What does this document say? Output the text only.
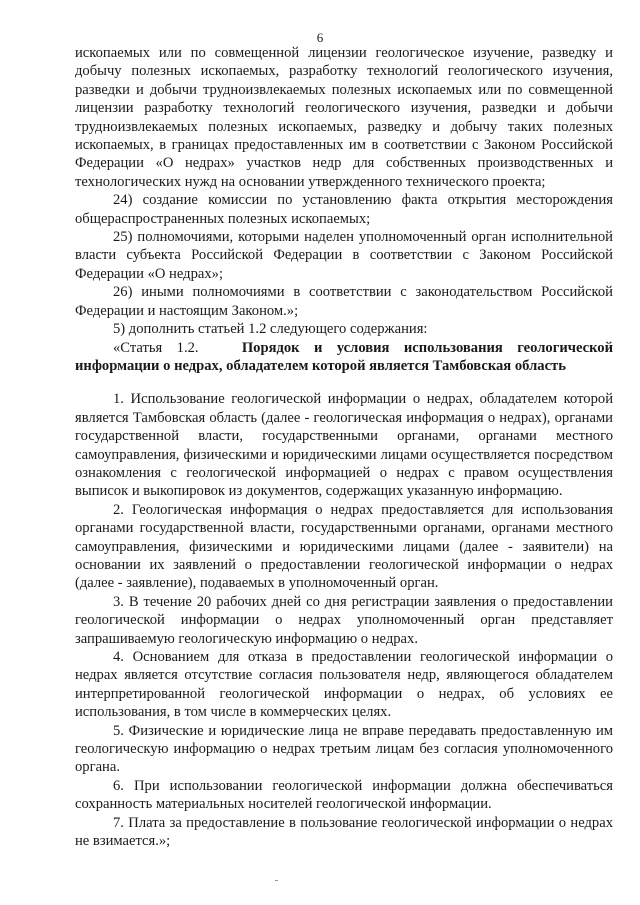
6

ископаемых или по совмещенной лицензии геологическое изучение, разведку и добычу полезных ископаемых, разработку технологий геологического изучения, разведки и добычи трудноизвлекаемых полезных ископаемых или по совмещенной лицензии разработку технологий геологического изучения, разведки и добычи трудноизвлекаемых полезных ископаемых, разведку и добычу таких полезных ископаемых, в границах предоставленных им в соответствии с Законом Российской Федерации «О недрах» участков недр для собственных производственных и технологических нужд на основании утвержденного технического проекта;

24) создание комиссии по установлению факта открытия месторождения общераспространенных полезных ископаемых;

25) полномочиями, которыми наделен уполномоченный орган исполнительной власти субъекта Российской Федерации в соответствии с Законом Российской Федерации «О недрах»;

26) иными полномочиями в соответствии с законодательством Российской Федерации и настоящим Законом.»;

5) дополнить статьей 1.2 следующего содержания:

«Статья 1.2.	Порядок и условия использования геологической информации о недрах, обладателем которой является Тамбовская область

1. Использование геологической информации о недрах, обладателем которой является Тамбовская область (далее - геологическая информация о недрах), органами государственной власти, государственными органами, органами местного самоуправления, физическими и юридическими лицами осуществляется посредством ознакомления с геологической информацией о недрах с правом осуществления выписок и выкопировок из документов, содержащих указанную информацию.

2. Геологическая информация о недрах предоставляется для использования органами государственной власти, государственными органами, органами местного самоуправления, физическими и юридическими лицами (далее - заявители) на основании их заявлений о предоставлении геологической информации о недрах (далее - заявление), подаваемых в уполномоченный орган.

3. В течение 20 рабочих дней со дня регистрации заявления о предоставлении геологической информации о недрах уполномоченный орган представляет запрашиваемую геологическую информацию о недрах.

4. Основанием для отказа в предоставлении геологической информации о недрах является отсутствие согласия пользователя недр, являющегося обладателем интерпретированной геологической информации о недрах, об условиях ее использования, в том числе в коммерческих целях.

5. Физические и юридические лица не вправе передавать предоставленную им геологическую информацию о недрах третьим лицам без согласия уполномоченного органа.

6. При использовании геологической информации должна обеспечиваться сохранность материальных носителей геологической информации.

7. Плата за предоставление в пользование геологической информации о недрах не взимается.»;
